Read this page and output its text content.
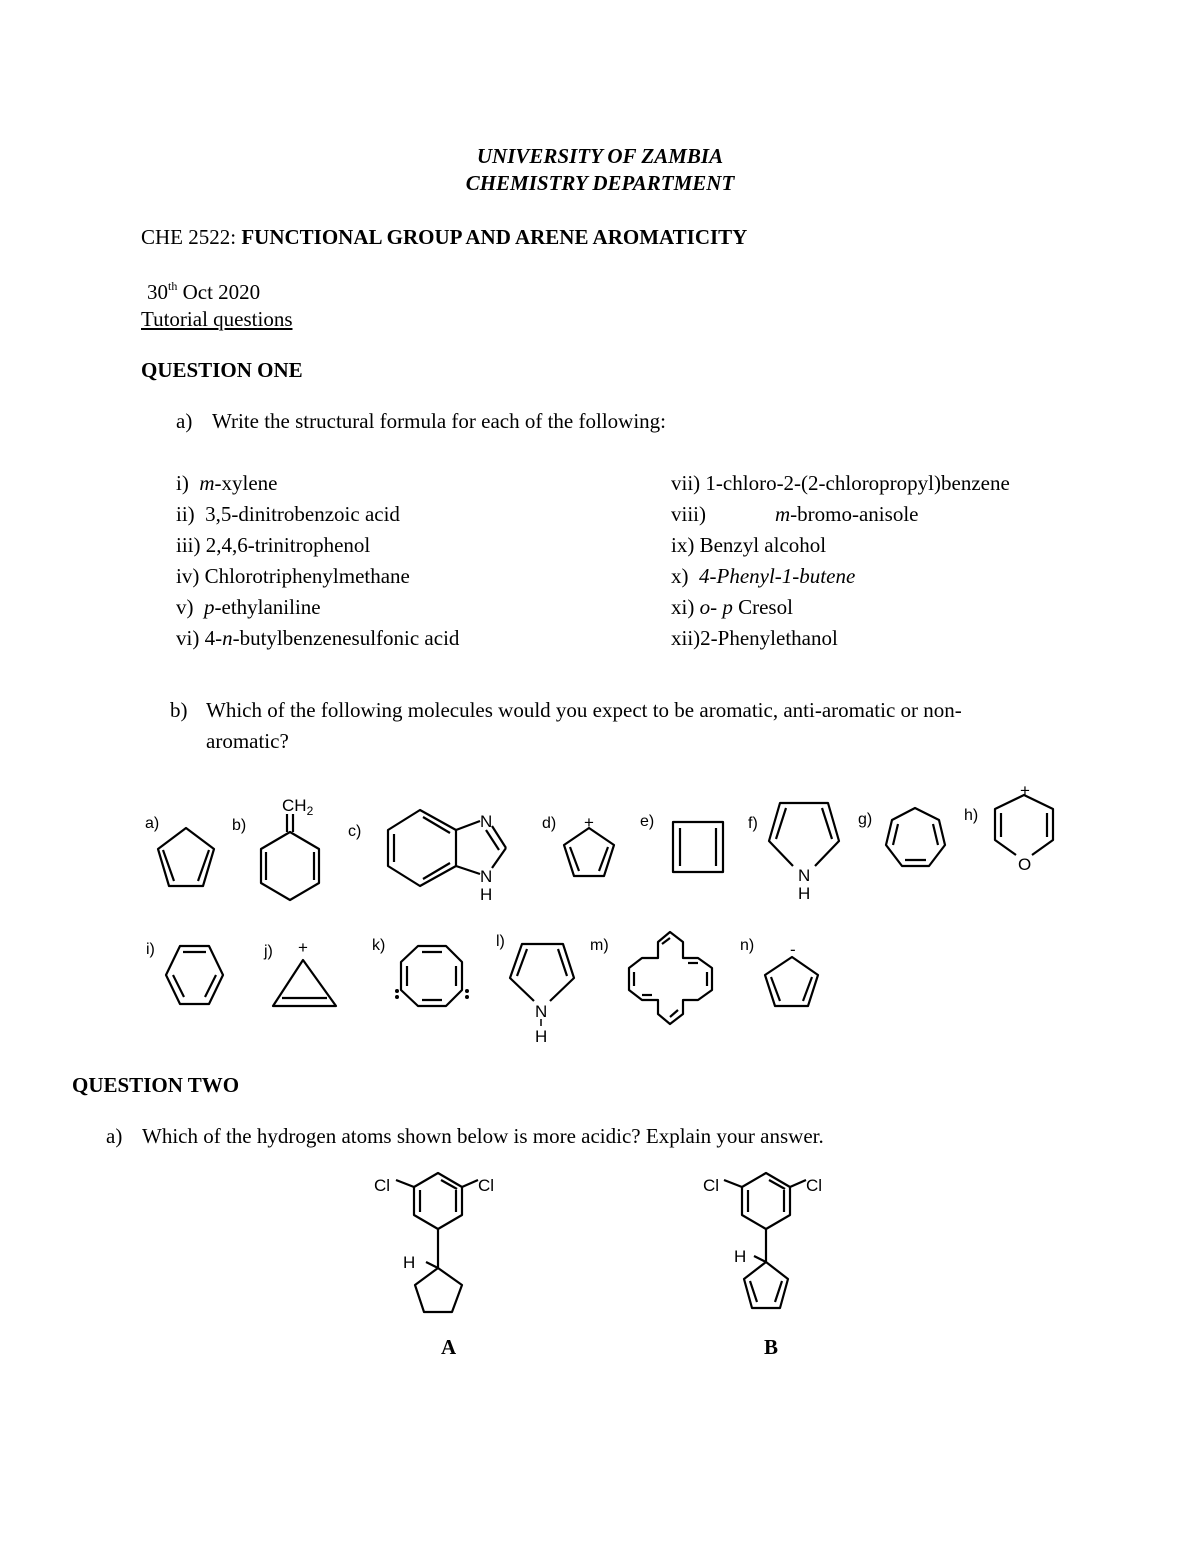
UNIVERSITY OF ZAMBIA
CHEMISTRY DEPARTMENT
CHE 2522: FUNCTIONAL GROUP AND ARENE AROMATICITY
30th Oct 2020
Tutorial questions
QUESTION ONE
a) Write the structural formula for each of the following:
i) m-xylene
ii) 3,5-dinitrobenzoic acid
iii) 2,4,6-trinitrophenol
iv) Chlorotriphenylmethane
v) p-ethylaniline
vi) 4-n-butylbenzenesulfonic acid
vii) 1-chloro-2-(2-chloropropyl)benzene
viii)	m-bromo-anisole
ix) Benzyl alcohol
x) 4-Phenyl-1-butene
xi) o- p Cresol
xii)2-Phenylethanol
b) Which of the following molecules would you expect to be aromatic, anti-aromatic or non-
aromatic?
QUESTION TWO
a) Which of the hydrogen atoms shown below is more acidic? Explain your answer.
A	B
a)	b)	c)	d)	e)	f)	g)	h)
i)	j)	k)	l)	m)	n)
$CH_2$
N
N
H
+
N
H
O
+
+
N
H
-
Cl	Cl
H
Cl	Cl
H
